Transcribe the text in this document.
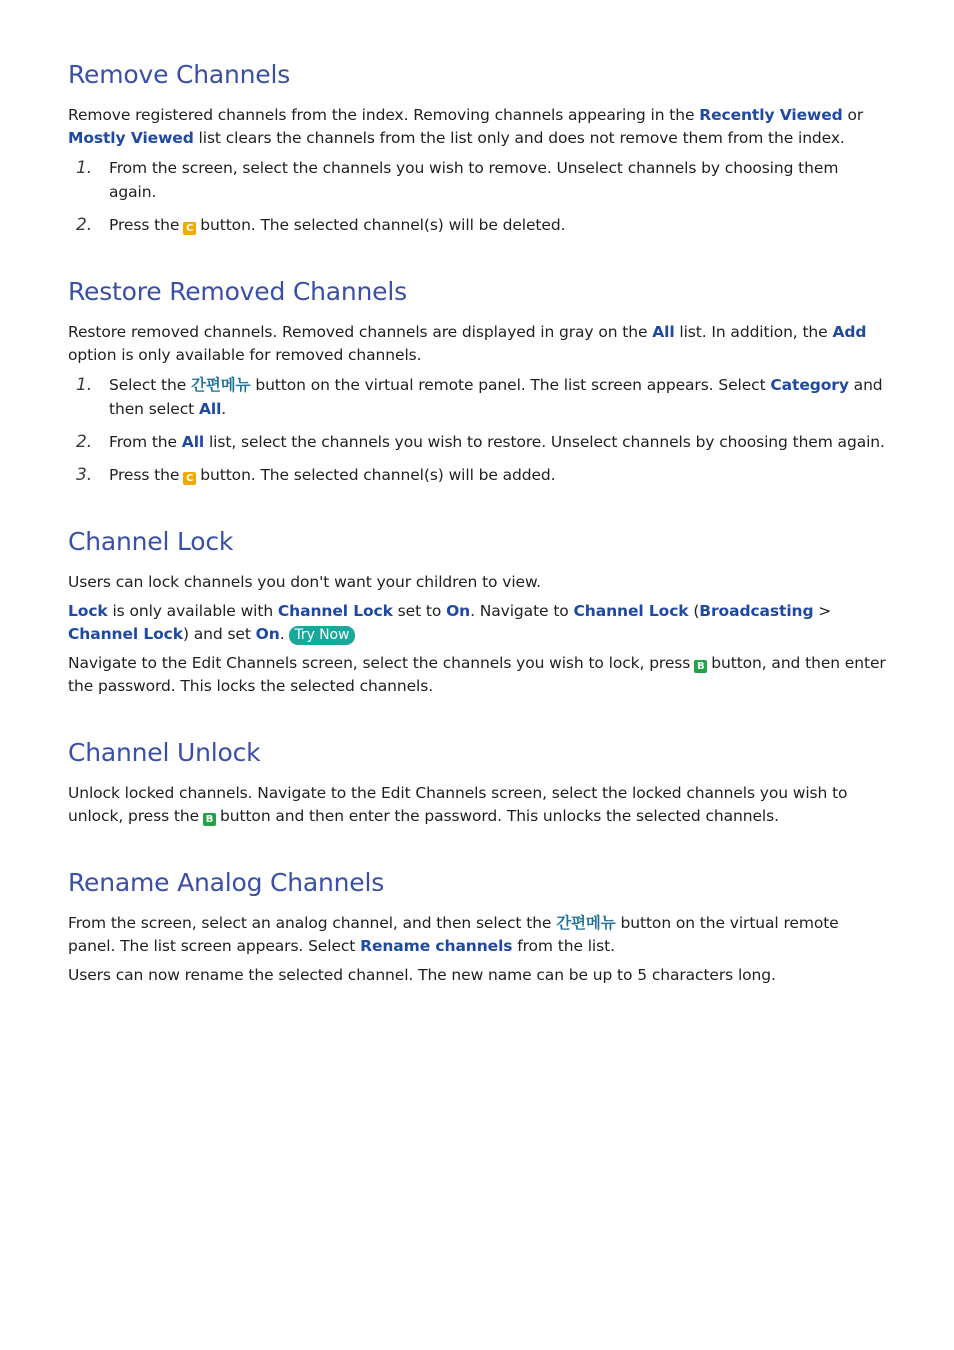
Remove Channels

Remove registered channels from the index. Removing channels appearing in the Recently Viewed or Mostly Viewed list clears the channels from the list only and does not remove them from the index.

1. From the screen, select the channels you wish to remove. Unselect channels by choosing them again.
2. Press the C button. The selected channel(s) will be deleted.
Restore Removed Channels

Restore removed channels. Removed channels are displayed in gray on the All list. In addition, the Add option is only available for removed channels.

1. Select the 간편메뉴 button on the virtual remote panel. The list screen appears. Select Category and then select All.
2. From the All list, select the channels you wish to restore. Unselect channels by choosing them again.
3. Press the C button. The selected channel(s) will be added.
Channel Lock

Users can lock channels you don't want your children to view.

Lock is only available with Channel Lock set to On. Navigate to Channel Lock (Broadcasting > Channel Lock) and set On. Try Now

Navigate to the Edit Channels screen, select the channels you wish to lock, press B button, and then enter the password. This locks the selected channels.

Channel Unlock

Unlock locked channels. Navigate to the Edit Channels screen, select the locked channels you wish to unlock, press the B button and then enter the password. This unlocks the selected channels.

Rename Analog Channels

From the screen, select an analog channel, and then select the 간편메뉴 button on the virtual remote panel. The list screen appears. Select Rename channels from the list.

Users can now rename the selected channel. The new name can be up to 5 characters long.
